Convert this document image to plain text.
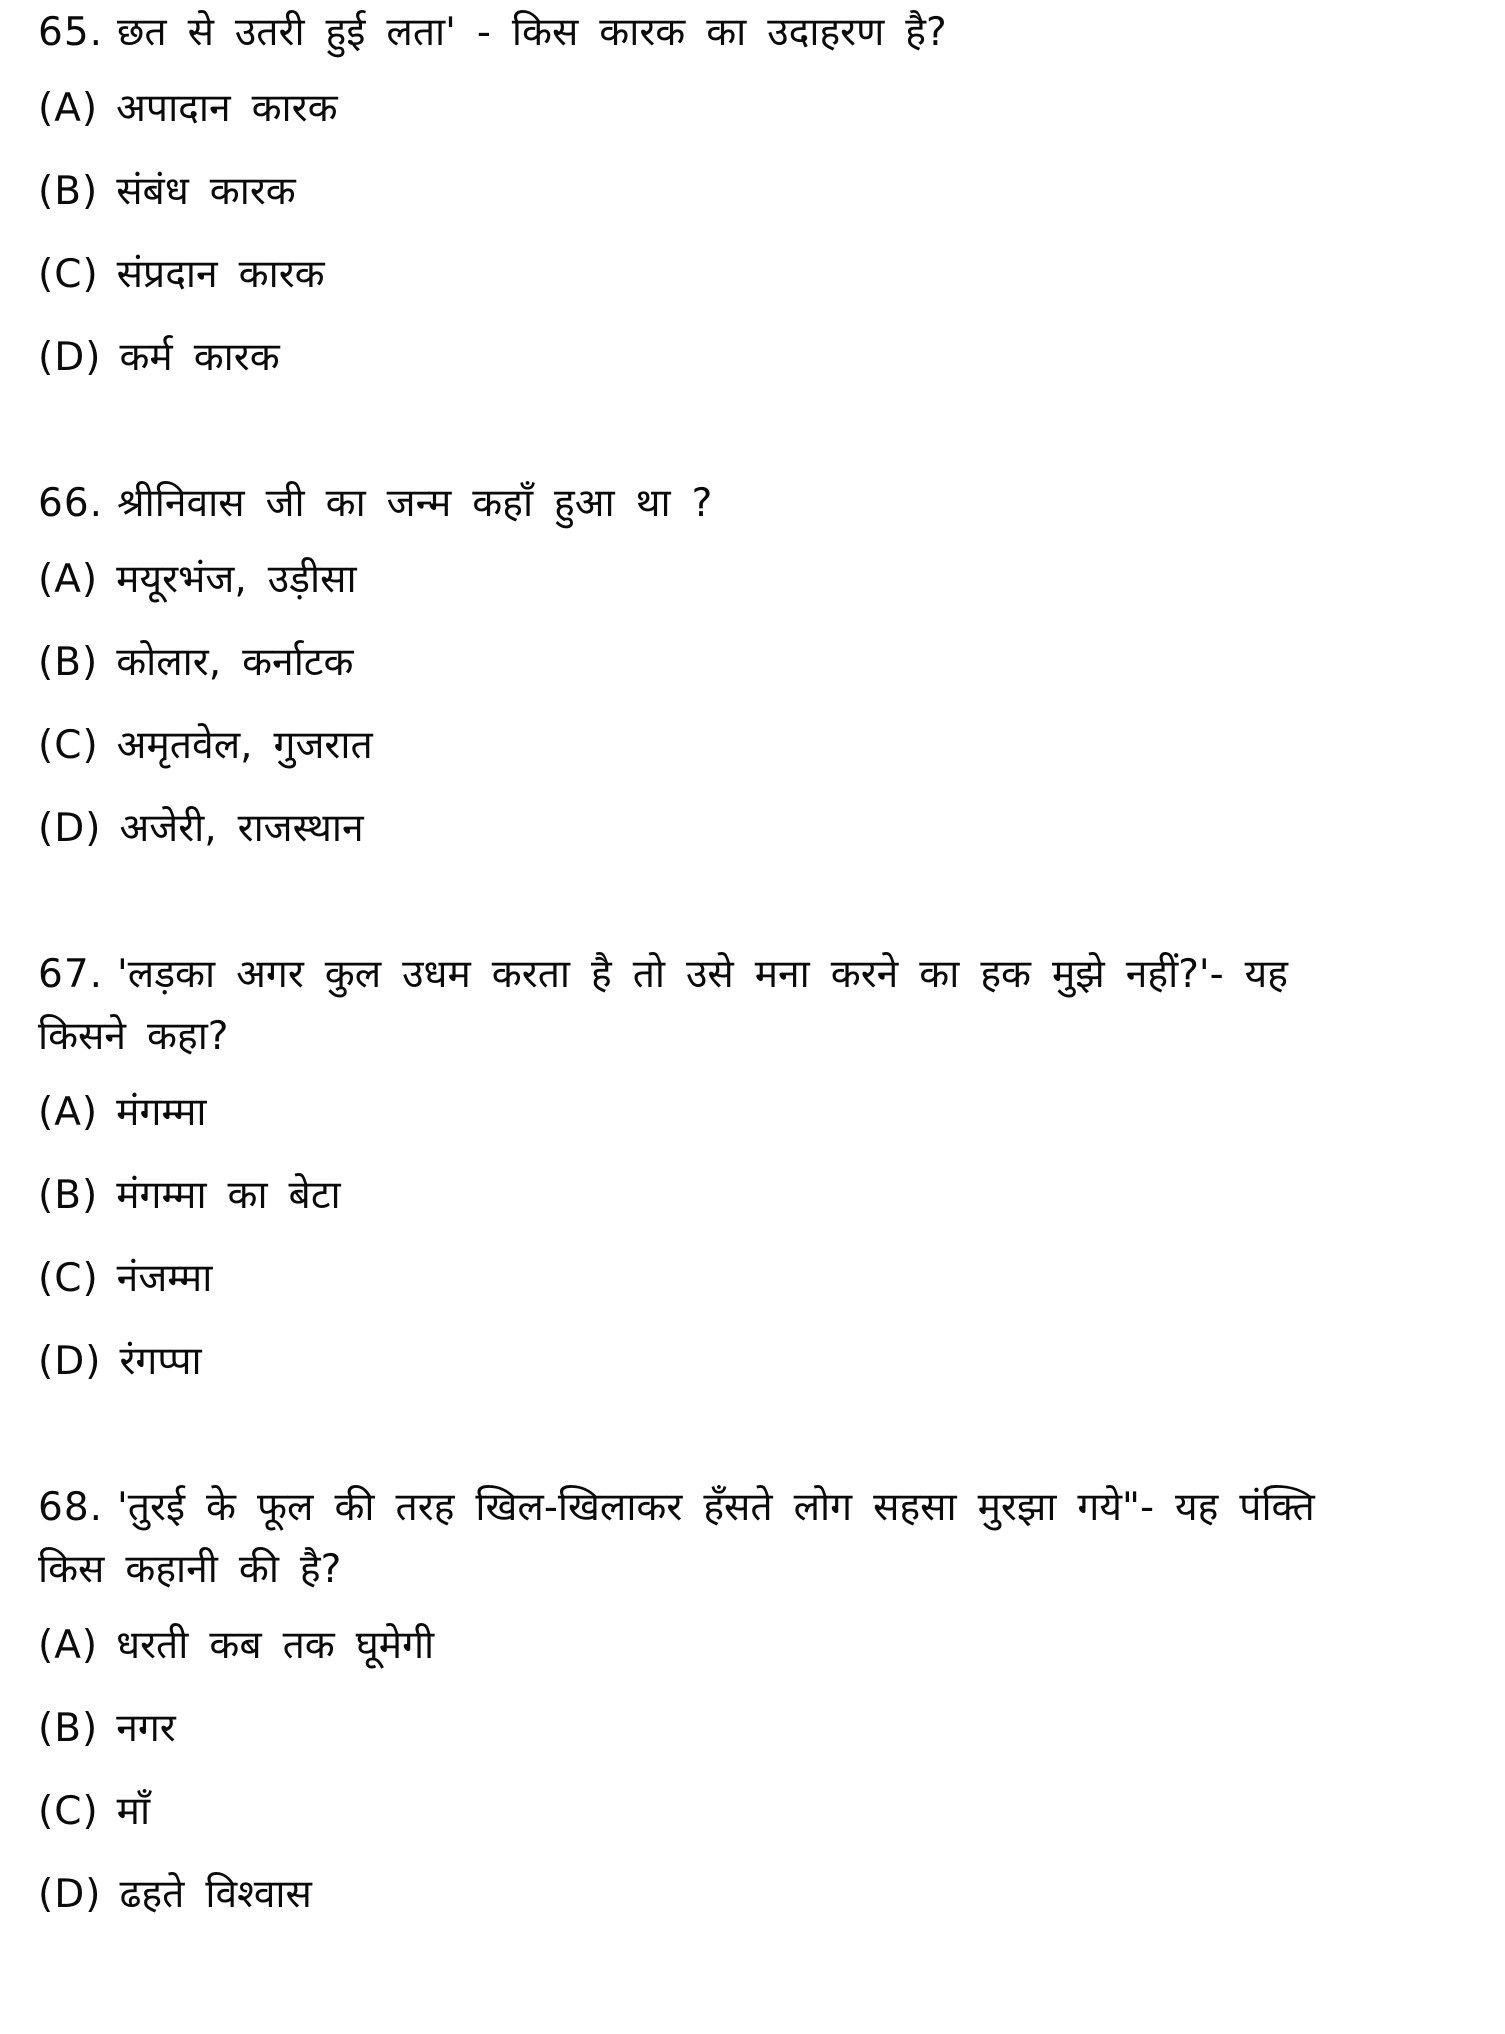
65. छत से उतरी हुई लता' - किस कारक का उदाहरण है?

(A) अपादान कारक
(B) संबंध कारक
(C) संप्रदान कारक
(D) कर्म कारक

66. श्रीनिवास जी का जन्म कहाँ हुआ था ?

(A) मयूरभंज, उड़ीसा
(B) कोलार, कर्नाटक
(C) अमृतवेल, गुजरात
(D) अजेरी, राजस्थान

67. 'लड़का अगर कुल उधम करता है तो उसे मना करने का हक मुझे नहीं?'- यह

किसने कहा?

(A) मंगम्मा
(B) मंगम्मा का बेटा
(C) नंजम्मा
(D) रंगप्पा

68. 'तुरई के फूल की तरह खिल-खिलाकर हँसते लोग सहसा मुरझा गये"- यह पंक्ति

किस कहानी की है?

(A) धरती कब तक घूमेगी
(B) नगर
(C) माँ
(D) ढहते विश्वास
